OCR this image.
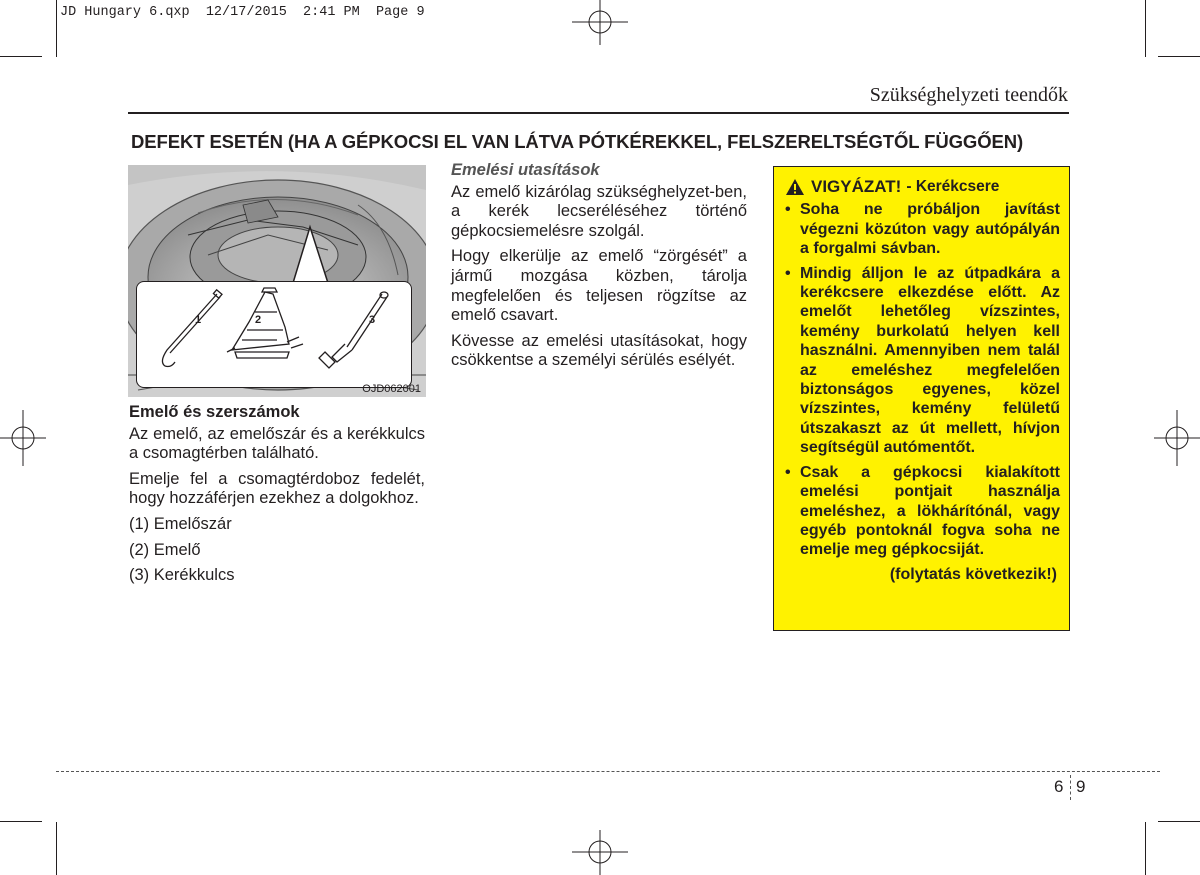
JD Hungary 6.qxp  12/17/2015  2:41 PM  Page 9
Szükséghelyzeti teendők
DEFEKT ESETÉN (HA A GÉPKOCSI EL VAN LÁTVA PÓTKÉREKKEL, FELSZERELTSÉGTŐL FÜGGŐEN)
1	2	3
OJD062001

Emelő és szerszámok

Az emelő, az emelőszár és a kerékkulcs a csomagtérben található.

Emelje fel a csomagtérdoboz fedelét, hogy hozzáférjen ezekhez a dolgokhoz.

(1) Emelőszár

(2) Emelő

(3) Kerékkulcs

Emelési utasítások

Az emelő kizárólag szükséghelyzet-ben, a kerék lecseréléséhez történő gépkocsiemelésre szolgál.

Hogy elkerülje az emelő “zörgését” a jármű mozgása közben, tárolja megfelelően és teljesen rögzítse az emelő csavart.

Kövesse az emelési utasításokat, hogy csökkentse a személyi sérülés esélyét.

VIGYÁZAT! - Kerékcsere
• Soha ne próbáljon javítást végezni közúton vagy autópályán a forgalmi sávban.
• Mindig álljon le az útpadkára a kerékcsere elkezdése előtt. Az emelőt lehetőleg vízszintes, kemény burkolatú helyen kell használni. Amennyiben nem talál az emeléshez megfelelően biztonságos egyenes, közel vízszintes, kemény felületű útszakaszt az út mellett, hívjon segítségül autómentőt.
• Csak a gépkocsi kialakított emelési pontjait használja emeléshez, a lökhárítónál, vagy egyéb pontoknál fogva soha ne emelje meg gépkocsiját.
(folytatás következik!)
6 9
